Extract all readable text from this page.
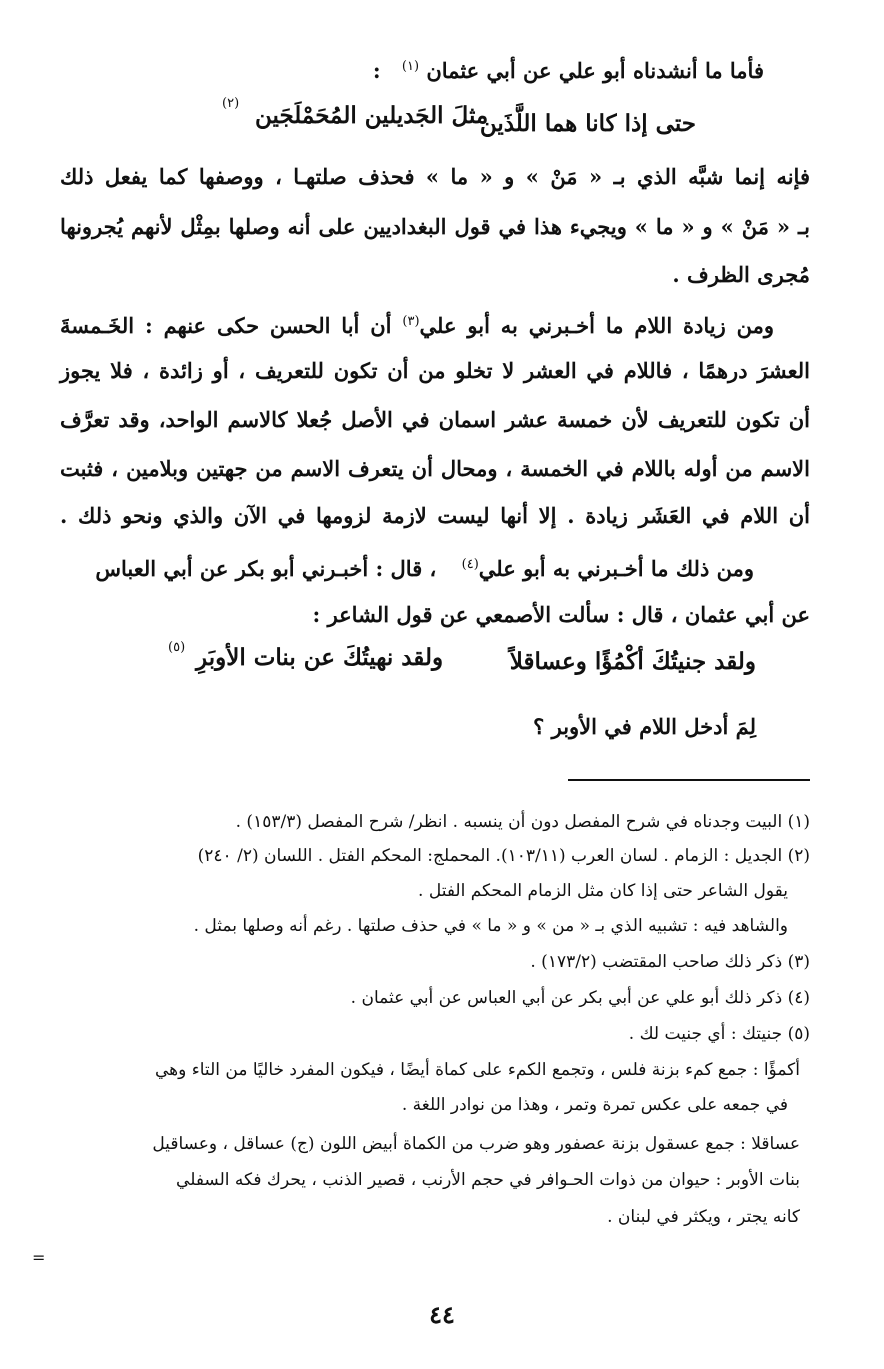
فأما ما أنشدناه أبو علي عن أبي عثمان $^{(١)}$ :
حتى إذا كانا هما اللَّذَين
مثلَ الجَديلين المُحَمْلَجَين
(٢)
فإنه إنما شبَّه الذي بـ « مَنْ » و « ما » فحذف صلتهـا ، ووصفها كما يفعل ذلك
بـ « مَنْ » و « ما » ويجيء هذا في قول البغداديين على أنه وصلها بمِثْل لأنهم يُجرونها
مُجرى الظرف .
ومن زيادة اللام ما أخـبرني به أبو علي$^{(٣)}$ أن أبا الحسن حكى عنهم : الخَـمسةَ
العشرَ درهمًا ، فاللام في العشر لا تخلو من أن تكون للتعريف ، أو زائدة ، فلا يجوز
أن تكون للتعريف لأن خمسة عشر اسمان في الأصل جُعلا كالاسم الواحد، وقد تعرَّف
الاسم من أوله باللام في الخمسة ، ومحال أن يتعرف الاسم من جهتين وبلامين ، فثبت
أن اللام في العَشَر زيادة . إلا أنها ليست لازمة لزومها في الآن والذي ونحو ذلك .
ومن ذلك ما أخـبرني به أبو علي$^{(٤)}$ ، قال : أخبـرني أبو بكر عن أبي العباس
عن أبي عثمان ، قال : سألت الأصمعي عن قول الشاعر :
ولقد جنيتُكَ أكْمُؤًا وعساقلاً
ولقد نهيتُكَ عن بنات الأوبَرِ
(٥)
لِمَ أدخل اللام في الأوبر ؟
(١) البيت وجدناه في شرح المفصل دون أن ينسبه . انظر/ شرح المفصل (١٥٣/٣) .
(٢) الجديل : الزمام . لسان العرب (١٠٣/١١). المحملج: المحكم الفتل . اللسان (٢/ ٢٤٠)
يقول الشاعر حتى إذا كان مثل الزمام المحكم الفتل .
والشاهد فيه : تشبيه الذي بـ « من » و « ما » في حذف صلتها . رغم أنه وصلها بمثل .
(٣) ذكر ذلك صاحب المقتضب (١٧٣/٢) .
(٤) ذكر ذلك أبو علي عن أبي بكر عن أبي العباس عن أبي عثمان .
(٥) جنيتك : أي جنيت لك .
أكمؤًا : جمع كمء بزنة فلس ، وتجمع الكمء على كماة أيضًا ، فيكون المفرد خاليًا من التاء وهي
في جمعه على عكس تمرة وتمر ، وهذا من نوادر اللغة .
عساقلا : جمع عسقول بزنة عصفور وهو ضرب من الكماة أبيض اللون (ج) عساقل ، وعساقيل
بنات الأوبر : حيوان من ذوات الحـوافر في حجم الأرنب ، قصير الذنب ، يحرك فكه السفلي
كانه يجتر ، ويكثر في لبنان .
=
٤٤
